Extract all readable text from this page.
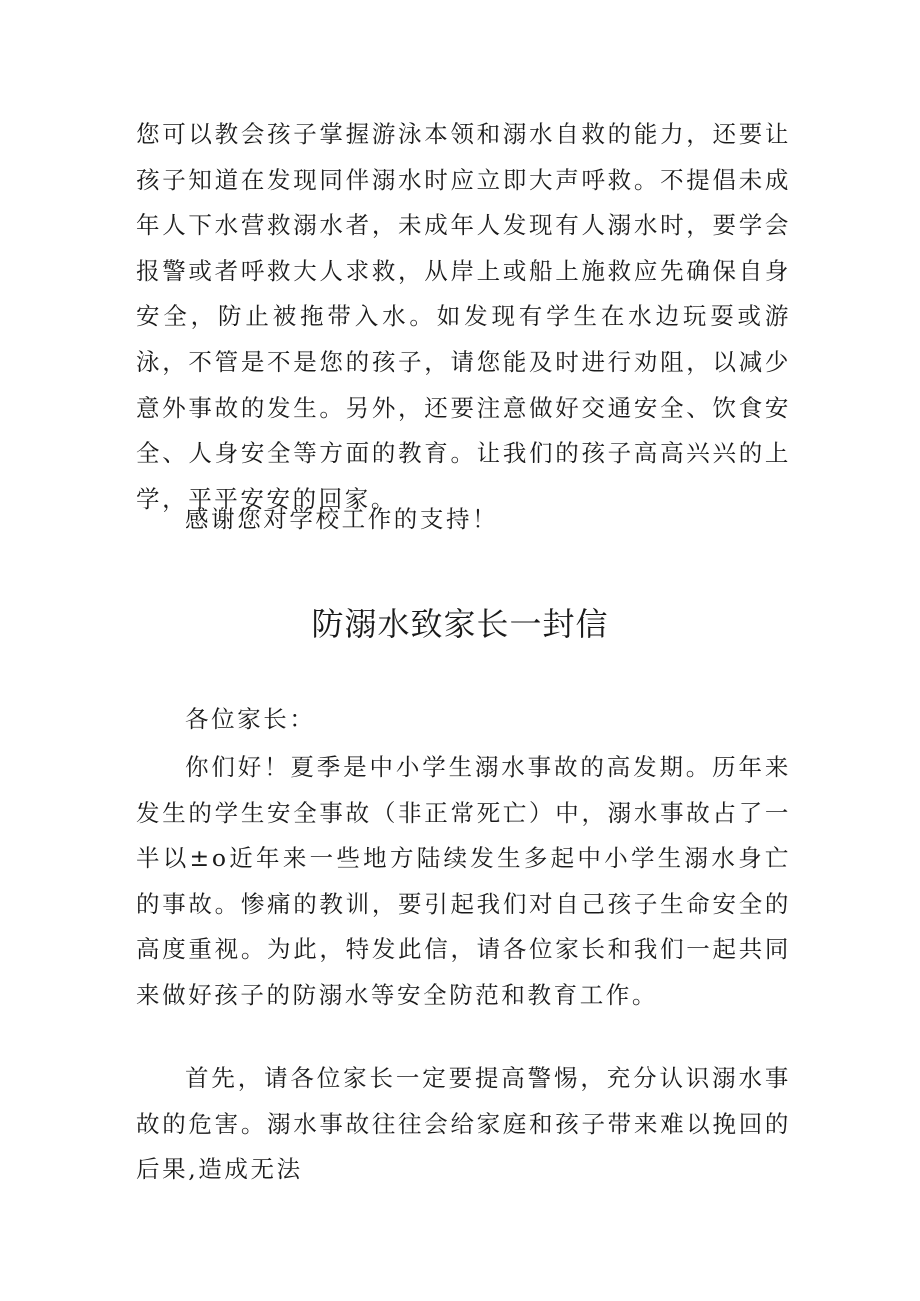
您可以教会孩子掌握游泳本领和溺水自救的能力，还要让孩子知道在发现同伴溺水时应立即大声呼救。不提倡未成年人下水营救溺水者，未成年人发现有人溺水时，要学会报警或者呼救大人求救，从岸上或船上施救应先确保自身安全，防止被拖带入水。如发现有学生在水边玩耍或游泳，不管是不是您的孩子，请您能及时进行劝阻，以减少意外事故的发生。另外，还要注意做好交通安全、饮食安全、人身安全等方面的教育。让我们的孩子高高兴兴的上学，平平安安的回家。

感谢您对学校工作的支持！

防溺水致家长一封信

各位家长：

你们好！夏季是中小学生溺水事故的高发期。历年来发生的学生安全事故（非正常死亡）中，溺水事故占了一半以±o近年来一些地方陆续发生多起中小学生溺水身亡的事故。惨痛的教训，要引起我们对自己孩子生命安全的高度重视。为此，特发此信，请各位家长和我们一起共同来做好孩子的防溺水等安全防范和教育工作。

首先，请各位家长一定要提高警惕，充分认识溺水事故的危害。溺水事故往往会给家庭和孩子带来难以挽回的后果,造成无法
